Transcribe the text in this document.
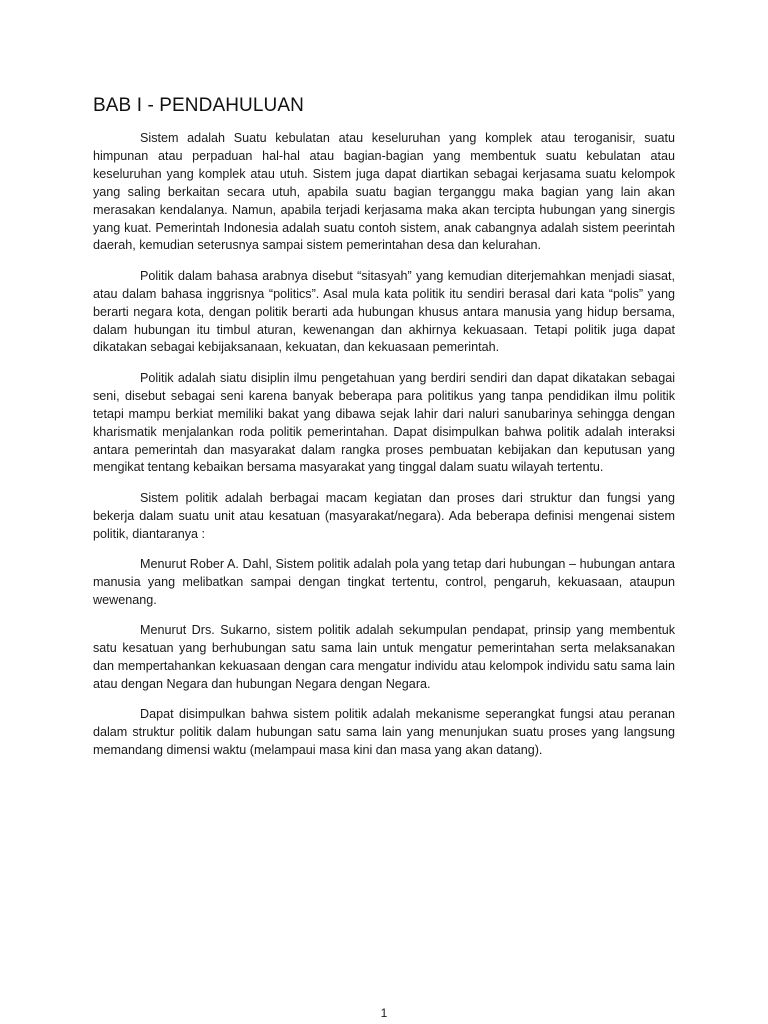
BAB I - PENDAHULUAN

Sistem adalah Suatu kebulatan atau keseluruhan yang komplek atau teroganisir, suatu himpunan atau perpaduan hal-hal atau bagian-bagian yang membentuk suatu kebulatan atau keseluruhan yang komplek atau utuh. Sistem juga dapat diartikan sebagai kerjasama suatu kelompok yang saling berkaitan secara utuh, apabila suatu bagian terganggu maka bagian yang lain akan merasakan kendalanya. Namun, apabila terjadi kerjasama maka akan tercipta hubungan yang sinergis yang kuat. Pemerintah Indonesia adalah suatu contoh sistem, anak cabangnya adalah sistem peerintah daerah, kemudian seterusnya sampai sistem pemerintahan desa dan kelurahan.

Politik dalam bahasa arabnya disebut “sitasyah” yang kemudian diterjemahkan menjadi siasat, atau dalam bahasa inggrisnya “politics”. Asal mula kata politik itu sendiri berasal dari kata “polis” yang berarti negara kota, dengan politik berarti ada hubungan khusus antara manusia yang hidup bersama, dalam hubungan itu timbul aturan, kewenangan dan akhirnya kekuasaan. Tetapi politik juga dapat dikatakan sebagai kebijaksanaan, kekuatan, dan kekuasaan pemerintah.

Politik adalah siatu disiplin ilmu pengetahuan yang berdiri sendiri dan dapat dikatakan sebagai seni, disebut sebagai seni karena banyak beberapa para politikus yang tanpa pendidikan ilmu politik tetapi mampu berkiat memiliki bakat yang dibawa sejak lahir dari naluri sanubarinya sehingga dengan kharismatik menjalankan roda politik pemerintahan. Dapat disimpulkan bahwa politik adalah interaksi antara pemerintah dan masyarakat dalam rangka proses pembuatan kebijakan dan keputusan yang mengikat tentang kebaikan bersama masyarakat yang tinggal dalam suatu wilayah tertentu.

Sistem politik adalah berbagai macam kegiatan dan proses dari struktur dan fungsi yang bekerja dalam suatu unit atau kesatuan (masyarakat/negara). Ada beberapa definisi mengenai sistem politik, diantaranya :

Menurut Rober A. Dahl, Sistem politik adalah pola yang tetap dari hubungan – hubungan antara manusia yang melibatkan sampai dengan tingkat tertentu, control, pengaruh, kekuasaan, ataupun wewenang.

Menurut Drs. Sukarno, sistem politik adalah sekumpulan pendapat, prinsip yang membentuk satu kesatuan yang berhubungan satu sama lain untuk mengatur pemerintahan serta melaksanakan dan mempertahankan kekuasaan dengan cara mengatur individu atau kelompok individu satu sama lain atau dengan Negara dan hubungan Negara dengan Negara.

Dapat disimpulkan bahwa sistem politik adalah mekanisme seperangkat fungsi atau peranan dalam struktur politik dalam hubungan satu sama lain yang menunjukan suatu proses yang langsung memandang dimensi waktu (melampaui masa kini dan masa yang akan datang).

1
